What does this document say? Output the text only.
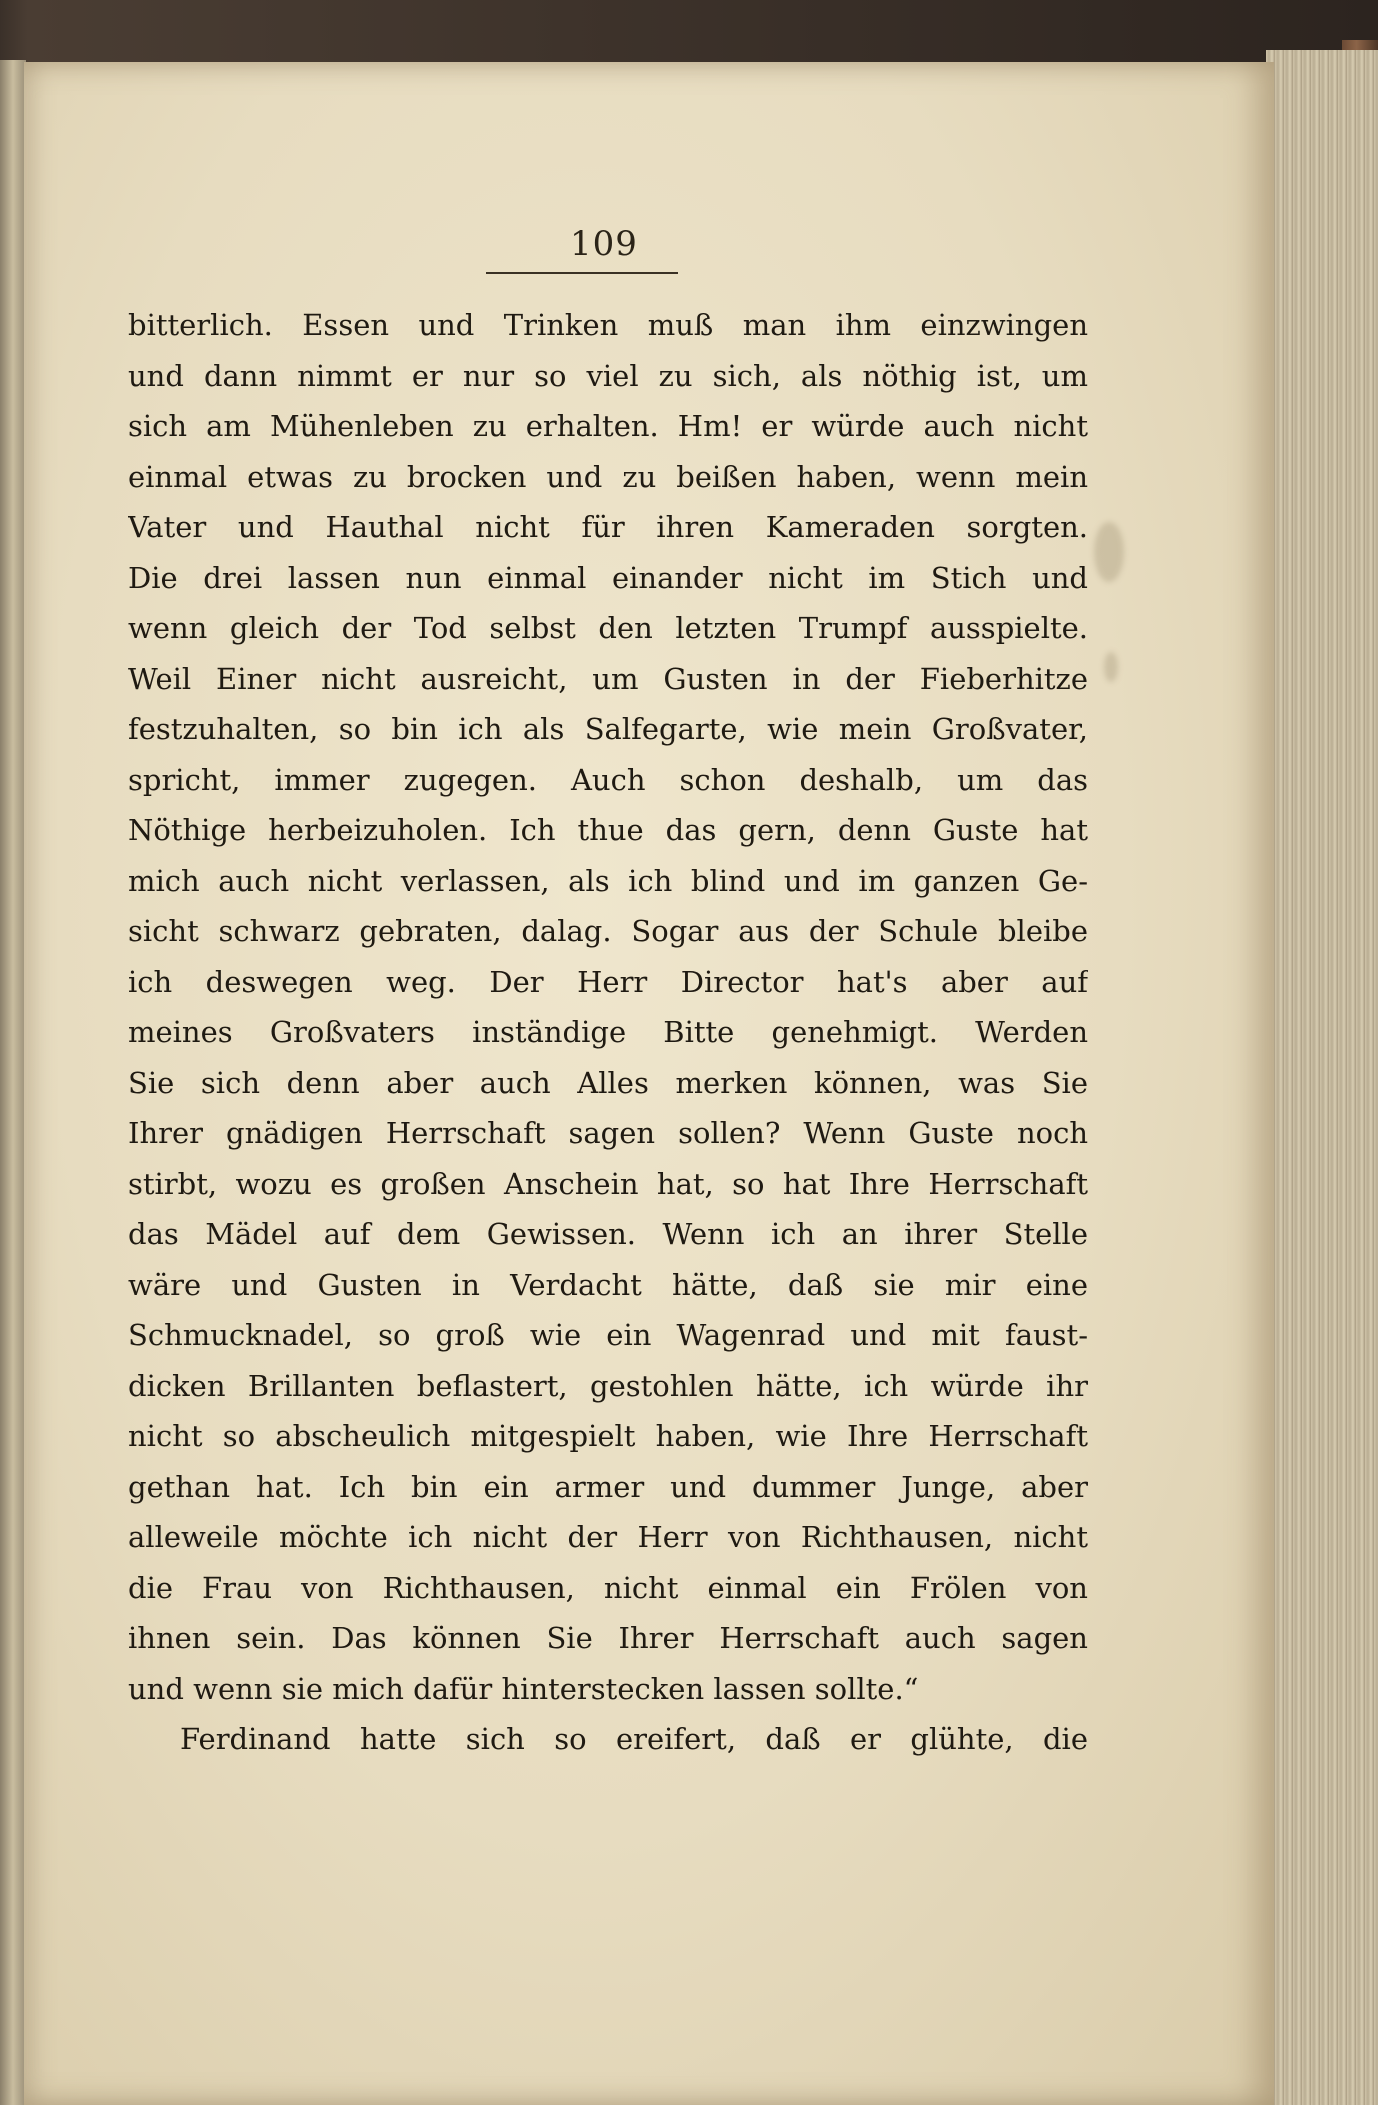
109
bitterlich. Essen und Trinken muß man ihm einzwingen
und dann nimmt er nur so viel zu sich, als nöthig ist, um
sich am Mühenleben zu erhalten. Hm! er würde auch nicht
einmal etwas zu brocken und zu beißen haben, wenn mein
Vater und Hauthal nicht für ihren Kameraden sorgten.
Die drei lassen nun einmal einander nicht im Stich und
wenn gleich der Tod selbst den letzten Trumpf ausspielte.
Weil Einer nicht ausreicht, um Gusten in der Fieberhitze
festzuhalten, so bin ich als Salfegarte, wie mein Großvater,
spricht, immer zugegen. Auch schon deshalb, um das
Nöthige herbeizuholen. Ich thue das gern, denn Guste hat
mich auch nicht verlassen, als ich blind und im ganzen Ge-
sicht schwarz gebraten, dalag. Sogar aus der Schule bleibe
ich deswegen weg. Der Herr Director hat's aber auf
meines Großvaters inständige Bitte genehmigt. Werden
Sie sich denn aber auch Alles merken können, was Sie
Ihrer gnädigen Herrschaft sagen sollen? Wenn Guste noch
stirbt, wozu es großen Anschein hat, so hat Ihre Herrschaft
das Mädel auf dem Gewissen. Wenn ich an ihrer Stelle
wäre und Gusten in Verdacht hätte, daß sie mir eine
Schmucknadel, so groß wie ein Wagenrad und mit faust-
dicken Brillanten beflastert, gestohlen hätte, ich würde ihr
nicht so abscheulich mitgespielt haben, wie Ihre Herrschaft
gethan hat. Ich bin ein armer und dummer Junge, aber
alleweile möchte ich nicht der Herr von Richthausen, nicht
die Frau von Richthausen, nicht einmal ein Frölen von
ihnen sein. Das können Sie Ihrer Herrschaft auch sagen
und wenn sie mich dafür hinterstecken lassen sollte.“
Ferdinand hatte sich so ereifert, daß er glühte, die
